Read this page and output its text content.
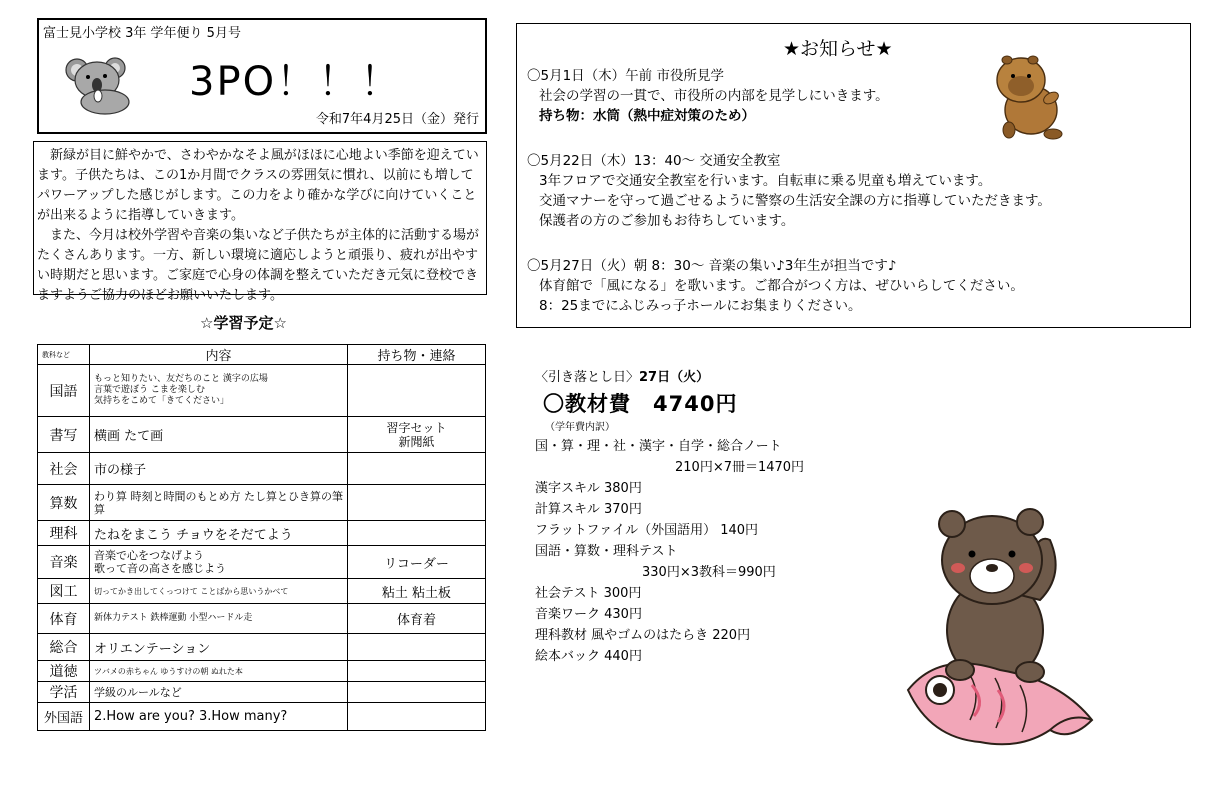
富士見小学校 3年 学年便り 5月号
3PO！！！
令和7年4月25日（金）発行

新緑が目に鮮やかで、さわやかなそよ風がほほに心地よい季節を迎えています。子供たちは、この1か月間でクラスの雰囲気に慣れ、以前にも増してパワーアップした感じがします。この力をより確かな学びに向けていくことが出来るように指導していきます。

また、今月は校外学習や音楽の集いなど子供たちが主体的に活動する場がたくさんあります。一方、新しい環境に適応しようと頑張り、疲れが出やすい時期だと思います。ご家庭で心身の体調を整えていただき元気に登校できますようご協力のほどお願いいたします。

☆学習予定☆
教科など	内容	持ち物・連絡
国語	もっと知りたい、友だちのこと 漢字の広場
言葉で遊ぼう こまを楽しむ
気持ちをこめて「きてください」	
書写	横画 たて画	習字セット
新聞紙
社会	市の様子	
算数	わり算 時刻と時間のもとめ方 たし算とひき算の筆算	
理科	たねをまこう チョウをそだてよう	
音楽	音楽で心をつなげよう
歌って音の高さを感じよう	リコーダー
図工	切ってかき出してくっつけて ことばから思いうかべて	粘土 粘土板
体育	新体力テスト 鉄棒運動 小型ハードル走	体育着
総合	オリエンテーション	
道徳	ツバメの赤ちゃん ゆうすけの朝 ぬれた本	
学活	学級のルールなど	
外国語	2.How are you? 3.How many?	
★お知らせ★
〇5月1日（木）午前 市役所見学
社会の学習の一貫で、市役所の内部を見学しにいきます。
持ち物：水筒（熱中症対策のため）
〇5月22日（木）13：40～ 交通安全教室
3年フロアで交通安全教室を行います。自転車に乗る児童も増えています。
交通マナーを守って過ごせるように警察の生活安全課の方に指導していただきます。
保護者の方のご参加もお待ちしています。
〇5月27日（火）朝 8：30～ 音楽の集い♪3年生が担当です♪
体育館で「風になる」を歌います。ご都合がつく方は、ぜひいらしてください。
8：25までにふじみっ子ホールにお集まりください。
〈引き落とし日〉27日（火）
〇教材費　4740円
（学年費内訳）
国・算・理・社・漢字・自学・総合ノート
210円×7冊＝1470円
漢字スキル 380円
計算スキル 370円
フラットファイル（外国語用） 140円
国語・算数・理科テスト
330円×3教科＝990円
社会テスト 300円
音楽ワーク 430円
理科教材 風やゴムのはたらき 220円
絵本バック 440円
